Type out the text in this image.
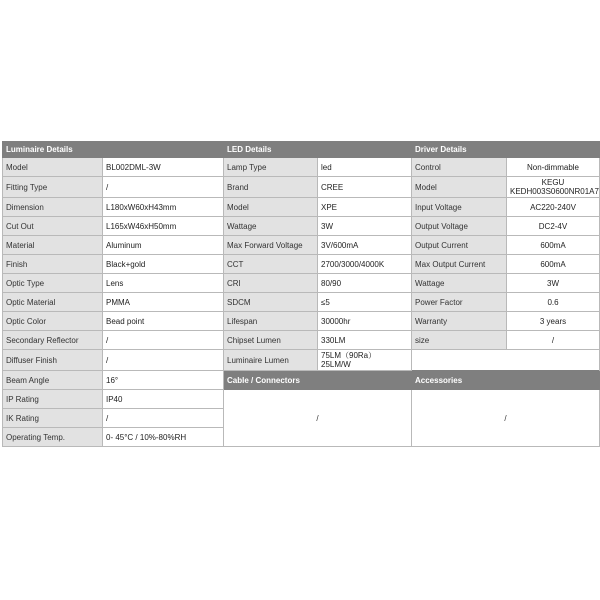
Luminaire Details		LED Details		Driver Details	
Model	BL002DML-3W	Lamp Type	led	Control	Non-dimmable
Fitting Type	/	Brand	CREE	Model	KEGU
KEDH003S0600NR01A7
Dimension	L180xW60xH43mm	Model	XPE	Input Voltage	AC220-240V
Cut Out	L165xW46xH50mm	Wattage	3W	Output Voltage	DC2-4V
Material	Aluminum	Max Forward Voltage	3V/600mA	Output Current	600mA
Finish	Black+gold	CCT	2700/3000/4000K	Max Output Current	600mA
Optic Type	Lens	CRI	80/90	Wattage	3W
Optic Material	PMMA	SDCM	≤5	Power Factor	0.6
Optic Color	Bead point	Lifespan	30000hr	Warranty	3 years
Secondary Reflector	/	Chipset Lumen	330LM	size	/
Diffuser Finish	/	Luminaire Lumen	75LM（90Ra）
25LM/W		
Beam Angle	16°	Cable / Connectors		Accessories	
IP Rating	IP40	/		/	
IK Rating	/				
Operating Temp.	0- 45°C / 10%-80%RH				
